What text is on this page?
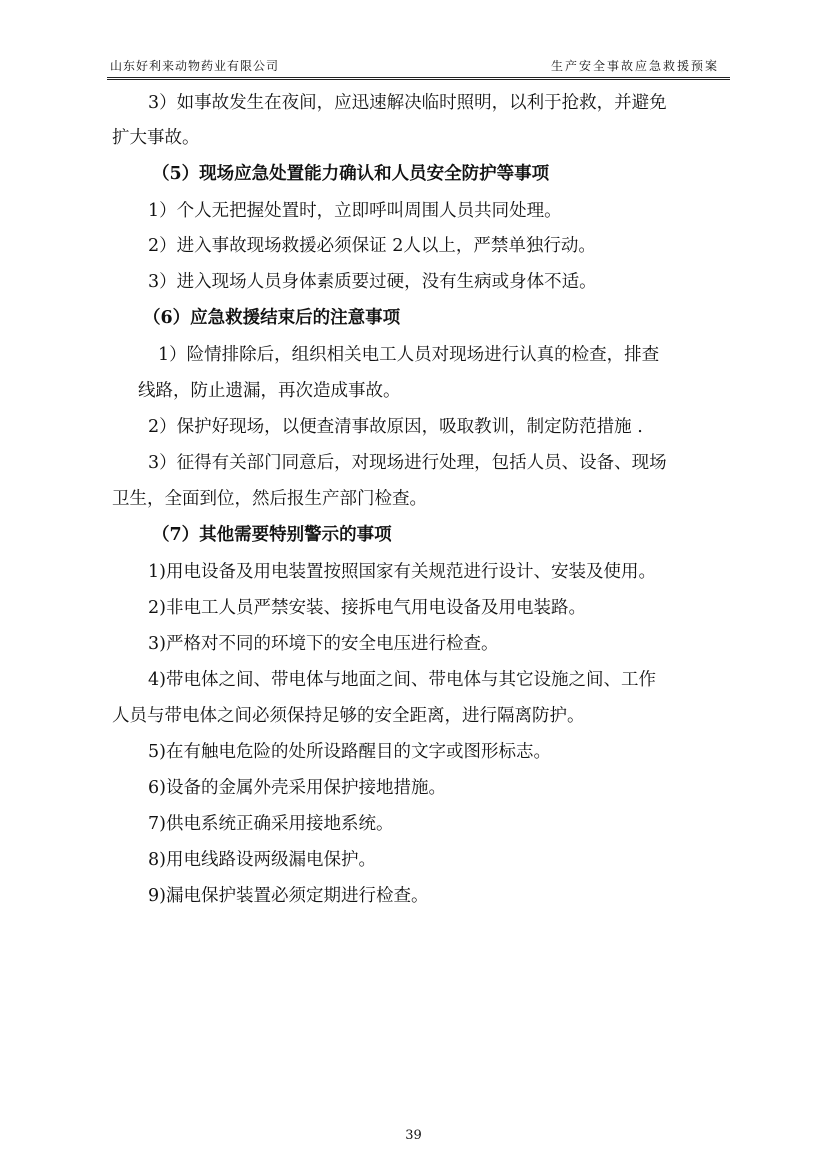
山东好利来动物药业有限公司	生产安全事故应急救援预案
3）如事故发生在夜间，应迅速解决临时照明，以利于抢救，并避免
扩大事故。
（5）现场应急处置能力确认和人员安全防护等事项
1）个人无把握处置时，立即呼叫周围人员共同处理。
2）进入事故现场救援必须保证 2人以上，严禁单独行动。
3）进入现场人员身体素质要过硬，没有生病或身体不适。
（6）应急救援结束后的注意事项
1）险情排除后，组织相关电工人员对现场进行认真的检查，排查
线路，防止遗漏，再次造成事故。
2）保护好现场，以便查清事故原因，吸取教训，制定防范措施 .
3）征得有关部门同意后，对现场进行处理，包括人员、设备、现场
卫生，全面到位，然后报生产部门检查。
（7）其他需要特别警示的事项
1)用电设备及用电装置按照国家有关规范进行设计、安装及使用。
2)非电工人员严禁安装、接拆电气用电设备及用电装路。
3)严格对不同的环境下的安全电压进行检查。
4)带电体之间、带电体与地面之间、带电体与其它设施之间、工作
人员与带电体之间必须保持足够的安全距离，进行隔离防护。
5)在有触电危险的处所设路醒目的文字或图形标志。
6)设备的金属外壳采用保护接地措施。
7)供电系统正确采用接地系统。
8)用电线路设两级漏电保护。
9)漏电保护装置必须定期进行检查。
39
